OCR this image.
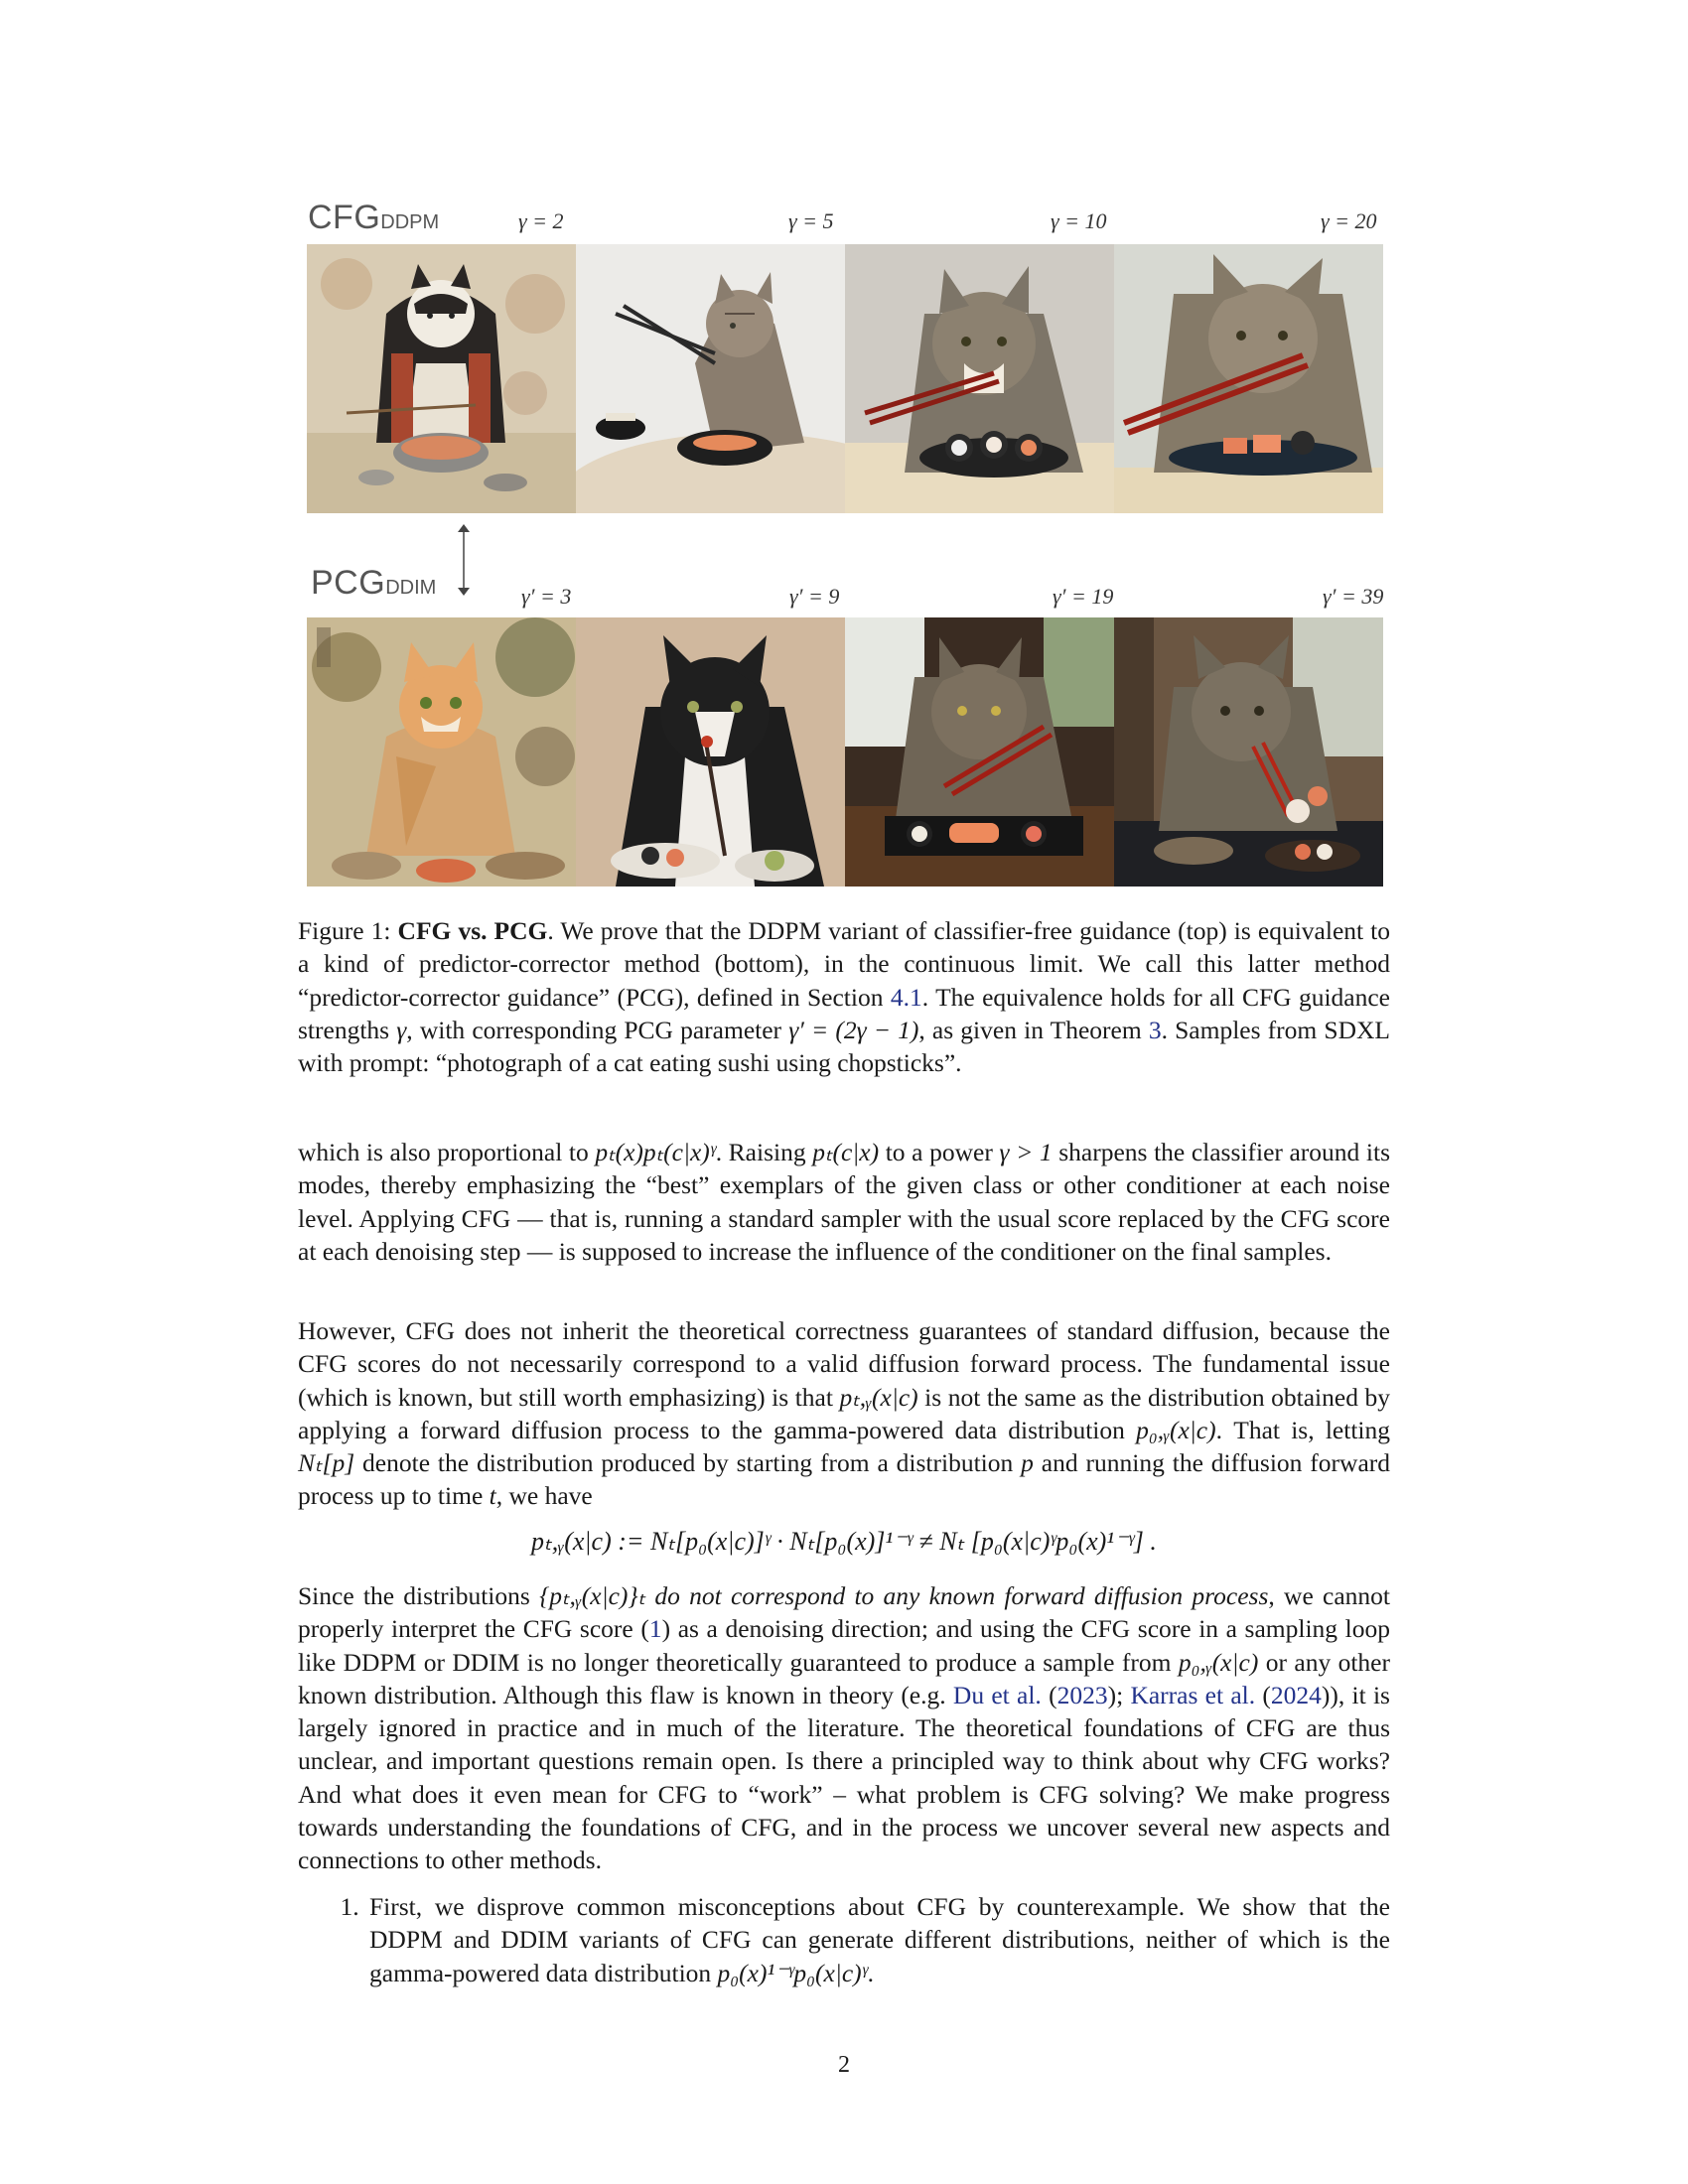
CFGDDPM
PCGDDIM
γ = 2	γ = 5	γ = 10	γ = 20
γ′ = 3	γ′ = 9	γ′ = 19	γ′ = 39
Figure 1: CFG vs. PCG. We prove that the DDPM variant of classifier-free guidance (top) is equivalent to a kind of predictor-corrector method (bottom), in the continuous limit. We call this latter method “predictor-corrector guidance” (PCG), defined in Section 4.1. The equivalence holds for all CFG guidance strengths γ, with corresponding PCG parameter γ′ = (2γ − 1), as given in Theorem 3. Samples from SDXL with prompt: “photograph of a cat eating sushi using chopsticks”.
which is also proportional to pₜ(x)pₜ(c|x)ᵞ. Raising pₜ(c|x) to a power γ > 1 sharpens the classifier around its modes, thereby emphasizing the “best” exemplars of the given class or other conditioner at each noise level. Applying CFG — that is, running a standard sampler with the usual score replaced by the CFG score at each denoising step — is supposed to increase the influence of the conditioner on the final samples.
However, CFG does not inherit the theoretical correctness guarantees of standard diffusion, because the CFG scores do not necessarily correspond to a valid diffusion forward process. The fundamental issue (which is known, but still worth emphasizing) is that pₜ,ᵧ(x|c) is not the same as the distribution obtained by applying a forward diffusion process to the gamma-powered data distribution p₀,ᵧ(x|c). That is, letting Nₜ[p] denote the distribution produced by starting from a distribution p and running the diffusion forward process up to time t, we have
pₜ,ᵧ(x|c) := Nₜ[p₀(x|c)]ᵞ · Nₜ[p₀(x)]¹⁻ᵞ ≠ Nₜ [p₀(x|c)ᵞp₀(x)¹⁻ᵞ] .
Since the distributions {pₜ,ᵧ(x|c)}ₜ do not correspond to any known forward diffusion process, we cannot properly interpret the CFG score (1) as a denoising direction; and using the CFG score in a sampling loop like DDPM or DDIM is no longer theoretically guaranteed to produce a sample from p₀,ᵧ(x|c) or any other known distribution. Although this flaw is known in theory (e.g. Du et al. (2023); Karras et al. (2024)), it is largely ignored in practice and in much of the literature. The theoretical foundations of CFG are thus unclear, and important questions remain open. Is there a principled way to think about why CFG works? And what does it even mean for CFG to “work” – what problem is CFG solving? We make progress towards understanding the foundations of CFG, and in the process we uncover several new aspects and connections to other methods.
1. First, we disprove common misconceptions about CFG by counterexample. We show that the DDPM and DDIM variants of CFG can generate different distributions, neither of which is the gamma-powered data distribution p₀(x)¹⁻ᵞp₀(x|c)ᵞ.
2
